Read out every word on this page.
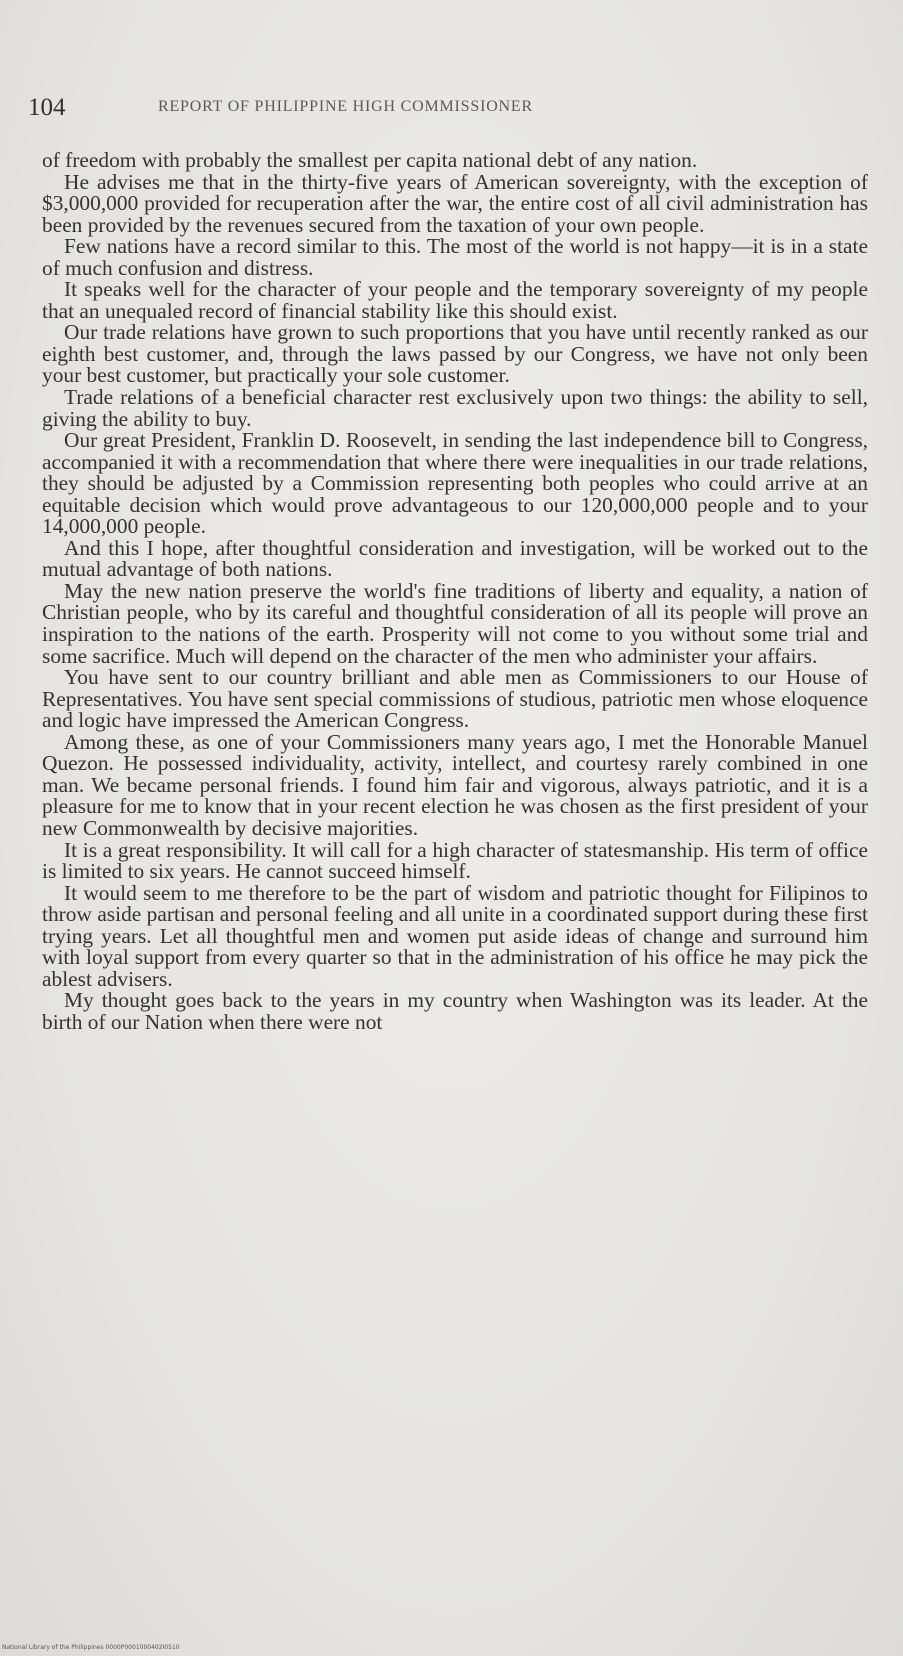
104	REPORT OF PHILIPPINE HIGH COMMISSIONER

of freedom with probably the smallest per capita national debt of any nation.

He advises me that in the thirty-five years of American sovereignty, with the exception of $3,000,000 provided for recuperation after the war, the entire cost of all civil administration has been provided by the revenues secured from the taxation of your own people.

Few nations have a record similar to this. The most of the world is not happy—it is in a state of much confusion and distress.

It speaks well for the character of your people and the temporary sovereignty of my people that an unequaled record of financial stability like this should exist.

Our trade relations have grown to such proportions that you have until recently ranked as our eighth best customer, and, through the laws passed by our Congress, we have not only been your best customer, but practically your sole customer.

Trade relations of a beneficial character rest exclusively upon two things: the ability to sell, giving the ability to buy.

Our great President, Franklin D. Roosevelt, in sending the last independence bill to Congress, accompanied it with a recommendation that where there were inequalities in our trade relations, they should be adjusted by a Commission representing both peoples who could arrive at an equitable decision which would prove advantageous to our 120,000,000 people and to your 14,000,000 people.

And this I hope, after thoughtful consideration and investigation, will be worked out to the mutual advantage of both nations.

May the new nation preserve the world's fine traditions of liberty and equality, a nation of Christian people, who by its careful and thoughtful consideration of all its people will prove an inspiration to the nations of the earth. Prosperity will not come to you without some trial and some sacrifice. Much will depend on the character of the men who administer your affairs.

You have sent to our country brilliant and able men as Commissioners to our House of Representatives. You have sent special commissions of studious, patriotic men whose eloquence and logic have impressed the American Congress.

Among these, as one of your Commissioners many years ago, I met the Honorable Manuel Quezon. He possessed individuality, activity, intellect, and courtesy rarely combined in one man. We became personal friends. I found him fair and vigorous, always patriotic, and it is a pleasure for me to know that in your recent election he was chosen as the first president of your new Commonwealth by decisive majorities.

It is a great responsibility. It will call for a high character of statesmanship. His term of office is limited to six years. He cannot succeed himself.

It would seem to me therefore to be the part of wisdom and patriotic thought for Filipinos to throw aside partisan and personal feeling and all unite in a coordinated support during these first trying years. Let all thoughtful men and women put aside ideas of change and surround him with loyal support from every quarter so that in the administration of his office he may pick the ablest advisers.

My thought goes back to the years in my country when Washington was its leader. At the birth of our Nation when there were not

National Library of the Philippines 0000P0001000402I0510
